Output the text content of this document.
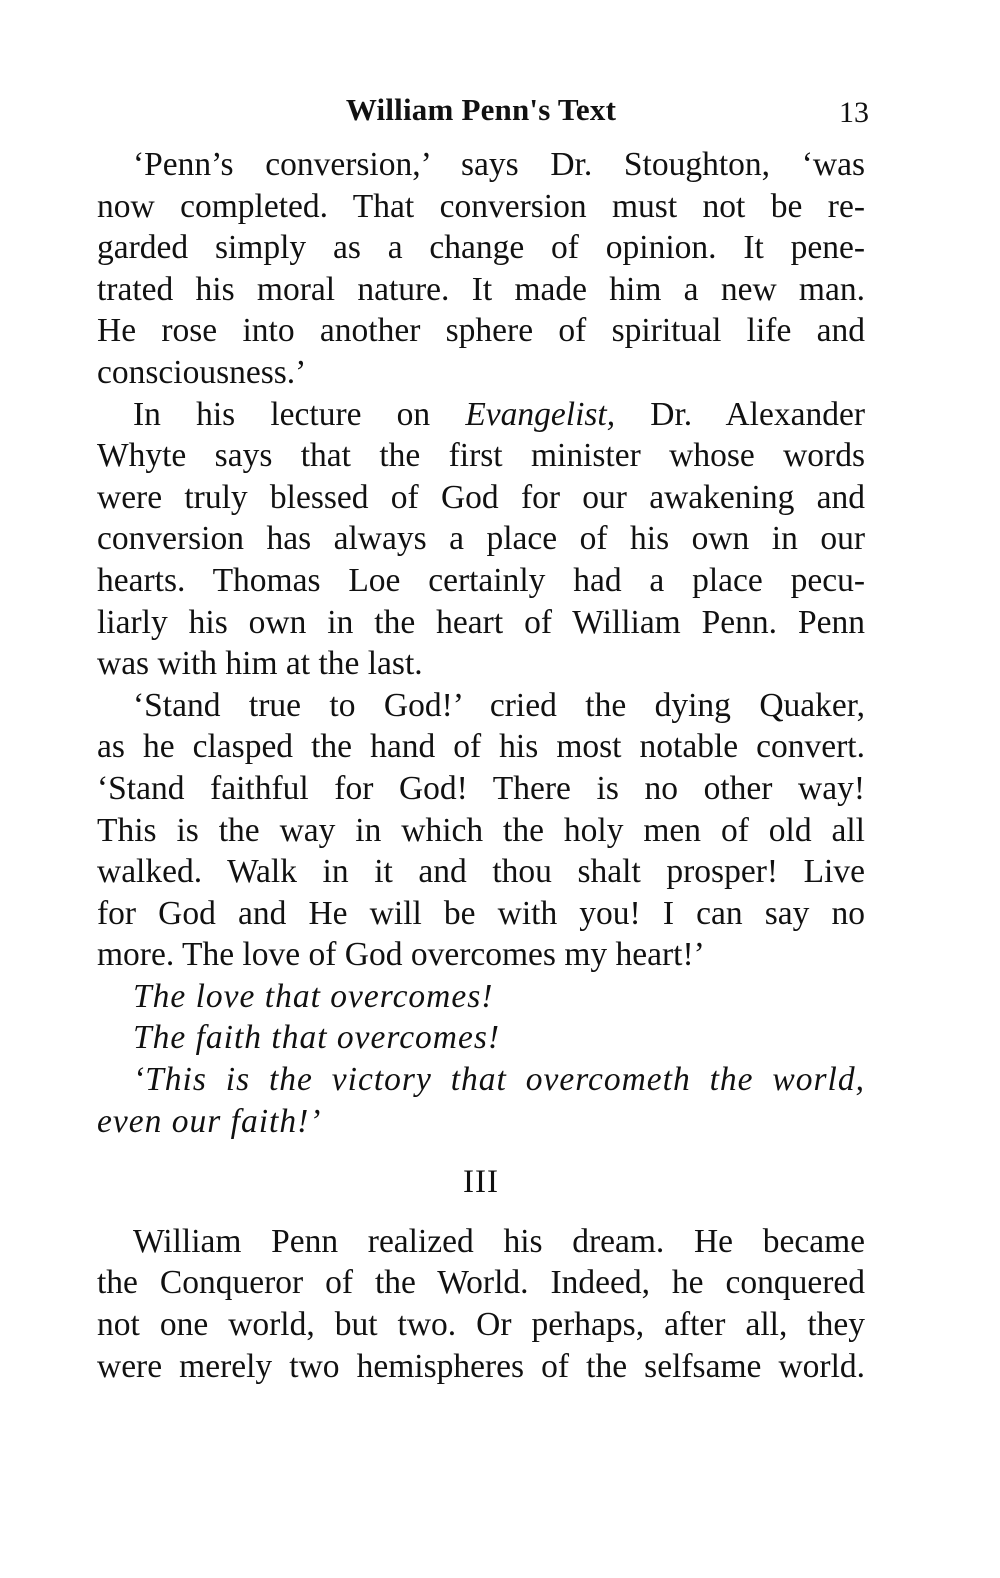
William Penn's Text	13
‘Penn’s conversion,’ says Dr. Stoughton, ‘was
now completed. That conversion must not be re-
garded simply as a change of opinion. It pene-
trated his moral nature. It made him a new man.
He rose into another sphere of spiritual life and
consciousness.’
In his lecture on Evangelist, Dr. Alexander
Whyte says that the first minister whose words
were truly blessed of God for our awakening and
conversion has always a place of his own in our
hearts. Thomas Loe certainly had a place pecu-
liarly his own in the heart of William Penn. Penn
was with him at the last.
‘Stand true to God!’ cried the dying Quaker,
as he clasped the hand of his most notable convert.
‘Stand faithful for God! There is no other way!
This is the way in which the holy men of old all
walked. Walk in it and thou shalt prosper! Live
for God and He will be with you! I can say no
more. The love of God overcomes my heart!’
The love that overcomes!
The faith that overcomes!
‘This is the victory that overcometh the world,
even our faith!’
III
William Penn realized his dream. He became
the Conqueror of the World. Indeed, he conquered
not one world, but two. Or perhaps, after all, they
were merely two hemispheres of the selfsame world.
